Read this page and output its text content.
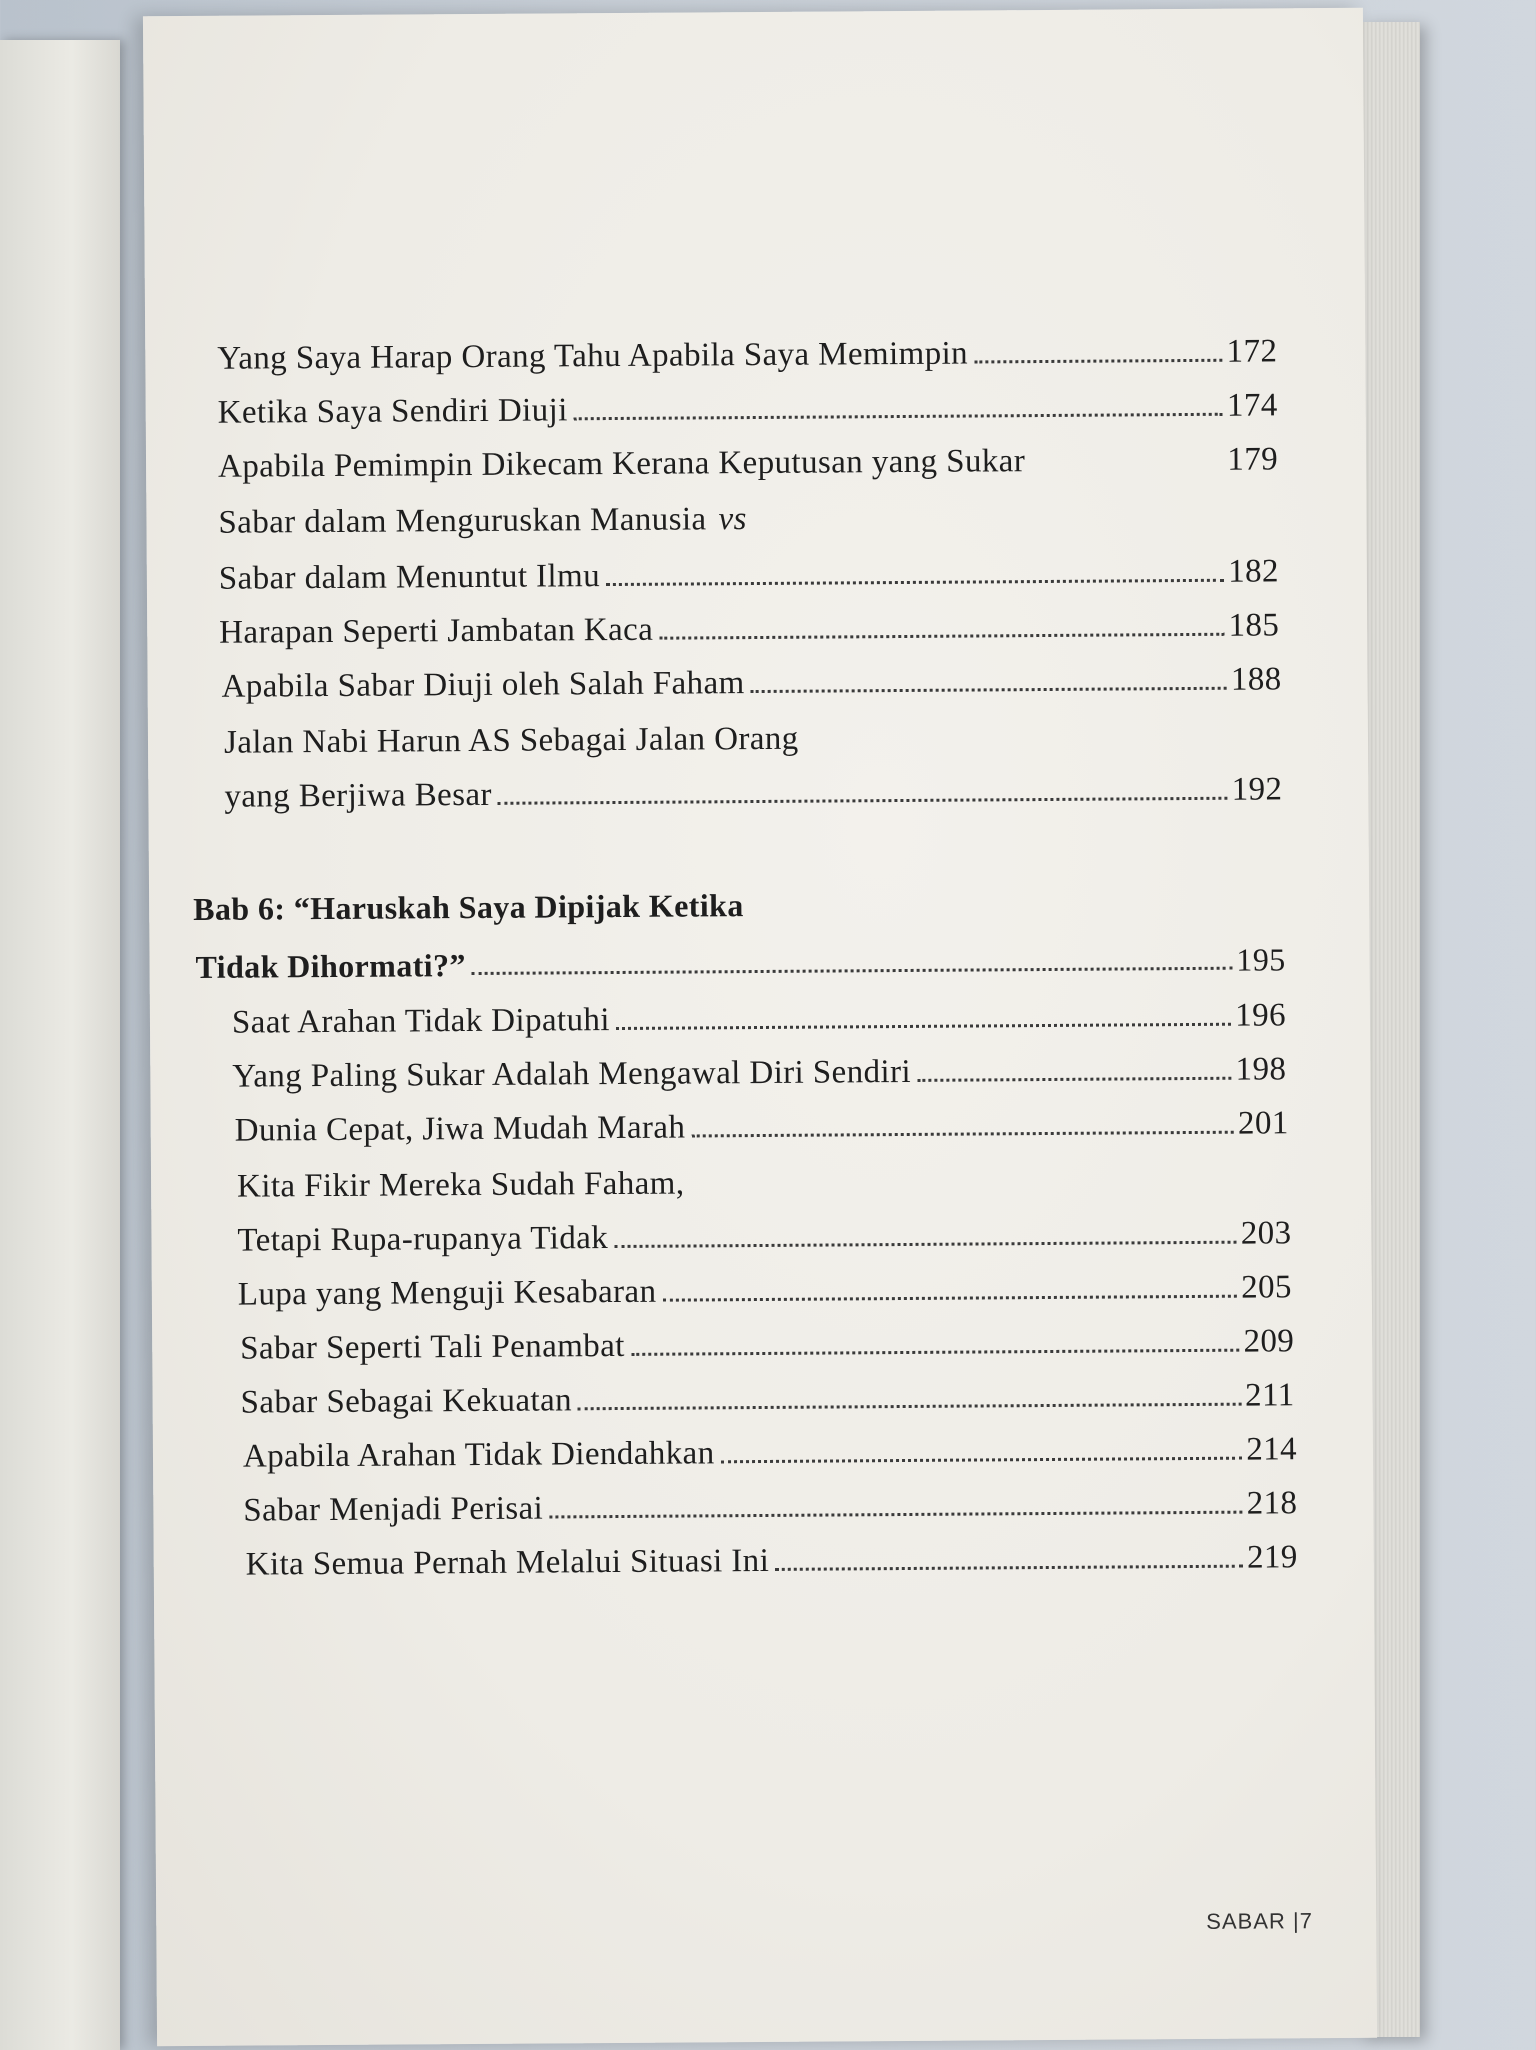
Yang Saya Harap Orang Tahu Apabila Saya Memimpin	172
Ketika Saya Sendiri Diuji	174
Apabila Pemimpin Dikecam Kerana Keputusan yang Sukar	179
Sabar dalam Menguruskan Manusia vs
Sabar dalam Menuntut Ilmu	182
Harapan Seperti Jambatan Kaca	185
Apabila Sabar Diuji oleh Salah Faham	188
Jalan Nabi Harun AS Sebagai Jalan Orang
yang Berjiwa Besar	192
Bab 6: “Haruskah Saya Dipijak Ketika
Tidak Dihormati?”	195
Saat Arahan Tidak Dipatuhi	196
Yang Paling Sukar Adalah Mengawal Diri Sendiri	198
Dunia Cepat, Jiwa Mudah Marah	201
Kita Fikir Mereka Sudah Faham,
Tetapi Rupa-rupanya Tidak	203
Lupa yang Menguji Kesabaran	205
Sabar Seperti Tali Penambat	209
Sabar Sebagai Kekuatan	211
Apabila Arahan Tidak Diendahkan	214
Sabar Menjadi Perisai	218
Kita Semua Pernah Melalui Situasi Ini	219
SABAR |7
